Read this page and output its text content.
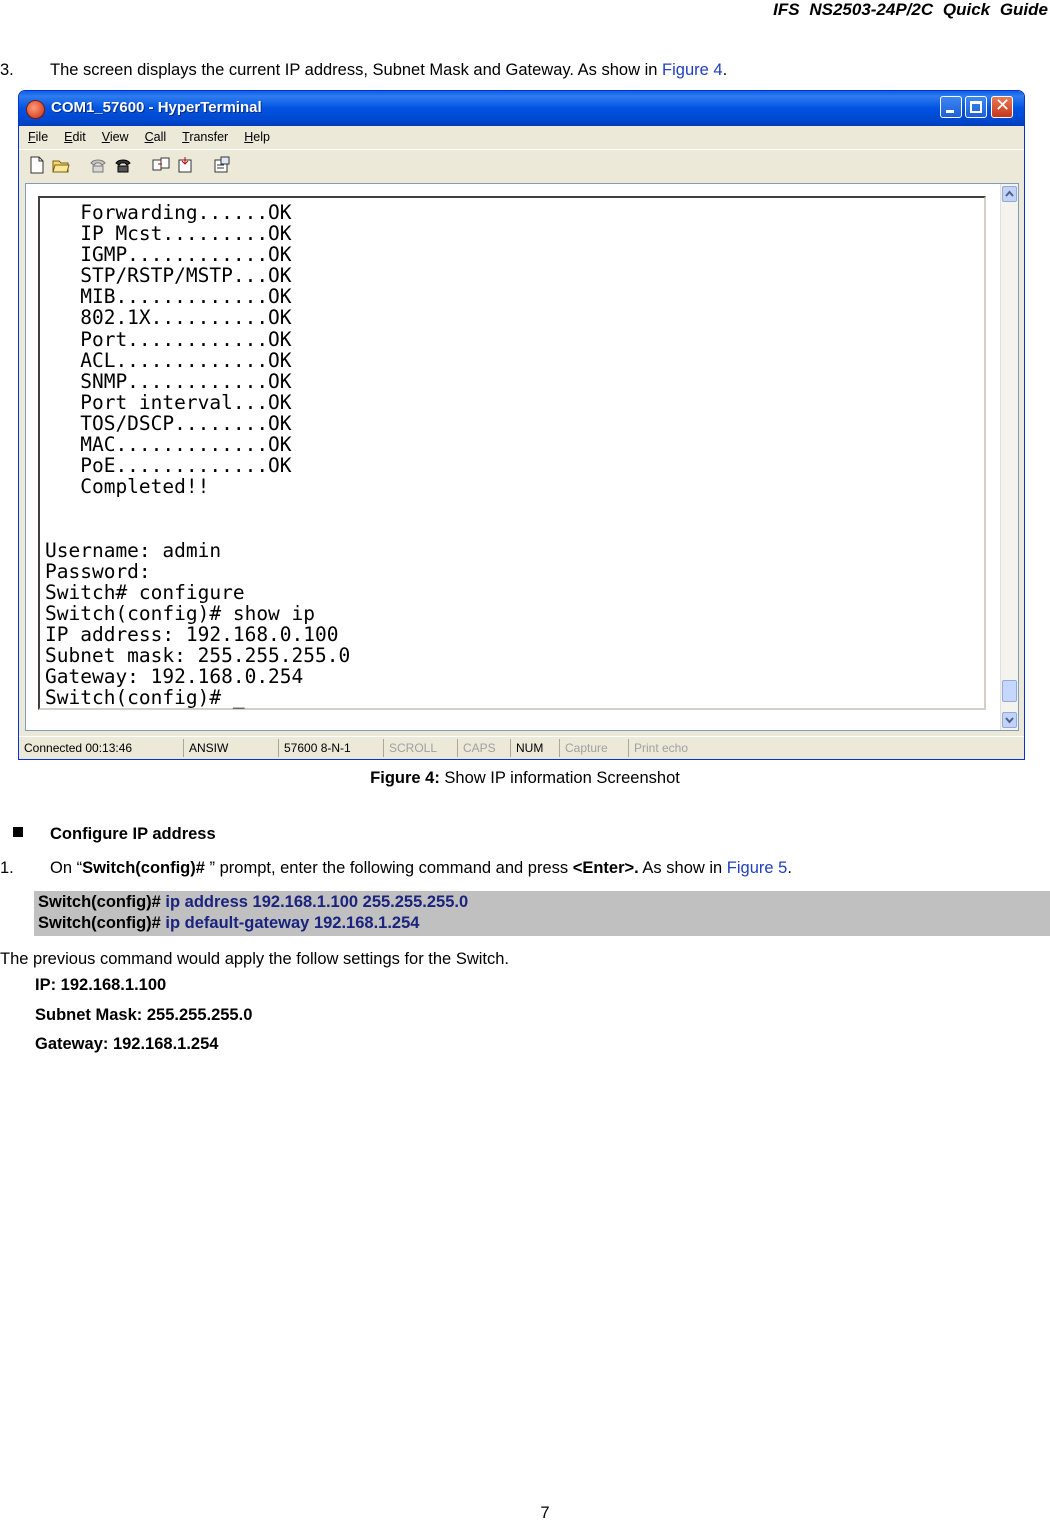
IFS NS2503-24P/2C Quick Guide
3. The screen displays the current IP address, Subnet Mask and Gateway. As show in Figure 4.
COM1_57600 - HyperTerminal	✕
File Edit View Call Transfer Help
Forwarding......OK
IP Mcst.........OK
IGMP............OK
STP/RSTP/MSTP...OK
MIB.............OK
802.1X..........OK
Port............OK
ACL.............OK
SNMP............OK
Port interval...OK
TOS/DSCP........OK
MAC.............OK
PoE.............OK
Completed!!

Username: admin
Password:
Switch# configure
Switch(config)# show ip
IP address: 192.168.0.100
Subnet mask: 255.255.255.0
Gateway: 192.168.0.254
Switch(config)# _
Connected 00:13:46	ANSIW	57600 8-N-1	SCROLL	CAPS	NUM	Capture	Print echo
Figure 4: Show IP information Screenshot
Configure IP address
1. On “Switch(config)# ” prompt, enter the following command and press <Enter>. As show in Figure 5.
Switch(config)# ip address 192.168.1.100 255.255.255.0
Switch(config)# ip default-gateway 192.168.1.254
The previous command would apply the follow settings for the Switch.
IP: 192.168.1.100
Subnet Mask: 255.255.255.0
Gateway: 192.168.1.254
7
